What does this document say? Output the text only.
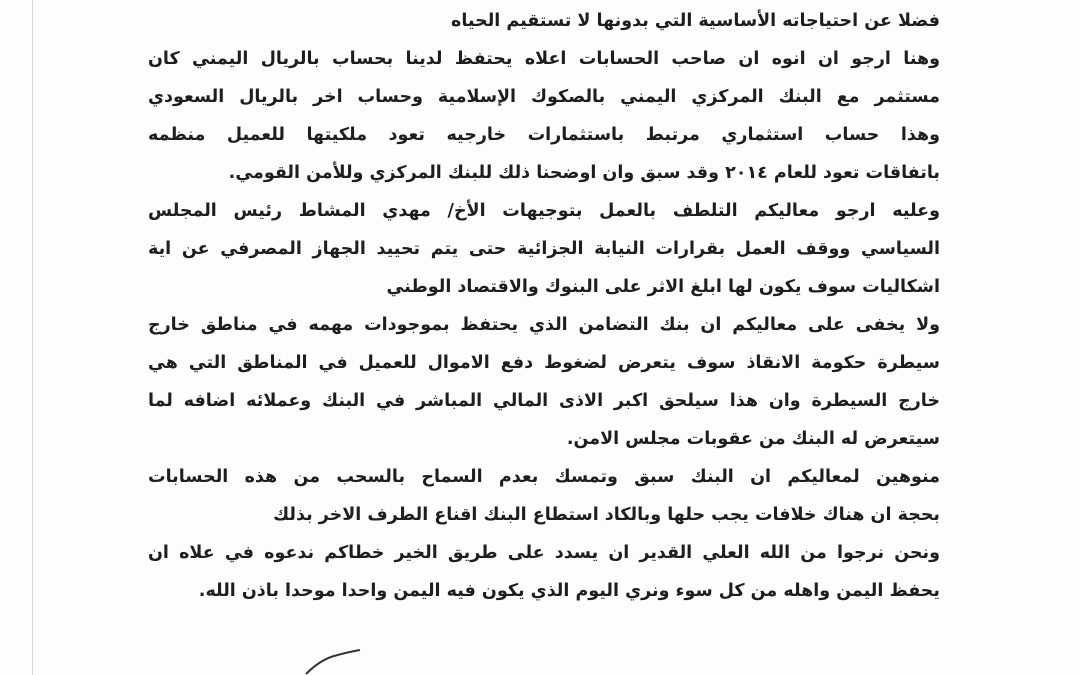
فضلا عن احتياجاته الأساسية التي بدونها لا تستقيم الحياه
وهنا ارجو ان انوه ان صاحب الحسابات اعلاه يحتفظ لدينا بحساب بالريال اليمني كان
مستثمر مع البنك المركزي اليمني بالصكوك الإسلامية وحساب اخر بالريال السعودي
وهذا حساب استثماري مرتبط باستثمارات خارجيه تعود ملكيتها للعميل منظمه
باتفاقات تعود للعام ٢٠١٤ وقد سبق وان اوضحنا ذلك للبنك المركزي وللأمن القومي.
وعليه ارجو معاليكم التلطف بالعمل بتوجيهات الأخ/ مهدي المشاط رئيس المجلس
السياسي ووقف العمل بقرارات النيابة الجزائية حتى يتم تحييد الجهاز المصرفي عن اية
اشكاليات سوف يكون لها ابلغ الاثر على البنوك والاقتصاد الوطني
ولا يخفى على معاليكم ان بنك التضامن الذي يحتفظ بموجودات مهمه في مناطق خارج
سيطرة حكومة الانقاذ سوف يتعرض لضغوط دفع الاموال للعميل في المناطق التي هي
خارج السيطرة وان هذا سيلحق اكبر الاذى المالي المباشر في البنك وعملائه اضافه لما
سيتعرض له البنك من عقوبات مجلس الامن.
منوهين لمعاليكم ان البنك سبق وتمسك بعدم السماح بالسحب من هذه الحسابات
بحجة ان هناك خلافات يجب حلها وبالكاد استطاع البنك اقناع الطرف الاخر بذلك
ونحن نرجوا من الله العلي القدير ان يسدد على طريق الخير خطاكم ندعوه في علاه ان
يحفظ اليمن واهله من كل سوء ونري اليوم الذي يكون فيه اليمن واحدا موحدا باذن الله.
